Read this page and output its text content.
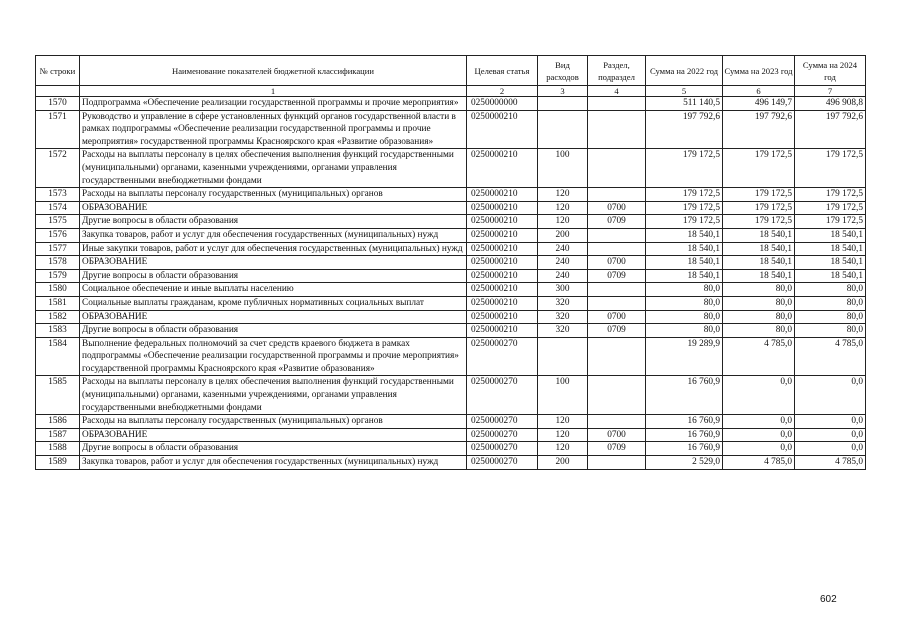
№ строки	Наименование показателей бюджетной классификации	Целевая статья	Вид расходов	Раздел, подраздел	Сумма на 2022 год	Сумма на 2023 год	Сумма на 2024 год
	1	2	3	4	5	6	7
1570	Подпрограмма «Обеспечение реализации государственной программы и прочие мероприятия»	0250000000			511 140,5	496 149,7	496 908,8
1571	Руководство и управление в сфере установленных функций органов государственной власти в рамках подпрограммы «Обеспечение реализации государственной программы и прочие мероприятия» государственной программы Красноярского края «Развитие образования»	0250000210			197 792,6	197 792,6	197 792,6
1572	Расходы на выплаты персоналу в целях обеспечения выполнения функций государственными (муниципальными) органами, казенными учреждениями, органами управления государственными внебюджетными фондами	0250000210	100		179 172,5	179 172,5	179 172,5
1573	Расходы на выплаты персоналу государственных (муниципальных) органов	0250000210	120		179 172,5	179 172,5	179 172,5
1574	ОБРАЗОВАНИЕ	0250000210	120	0700	179 172,5	179 172,5	179 172,5
1575	Другие вопросы в области образования	0250000210	120	0709	179 172,5	179 172,5	179 172,5
1576	Закупка товаров, работ и услуг для обеспечения государственных (муниципальных) нужд	0250000210	200		18 540,1	18 540,1	18 540,1
1577	Иные закупки товаров, работ и услуг для обеспечения государственных (муниципальных) нужд	0250000210	240		18 540,1	18 540,1	18 540,1
1578	ОБРАЗОВАНИЕ	0250000210	240	0700	18 540,1	18 540,1	18 540,1
1579	Другие вопросы в области образования	0250000210	240	0709	18 540,1	18 540,1	18 540,1
1580	Социальное обеспечение и иные выплаты населению	0250000210	300		80,0	80,0	80,0
1581	Социальные выплаты гражданам, кроме публичных нормативных социальных выплат	0250000210	320		80,0	80,0	80,0
1582	ОБРАЗОВАНИЕ	0250000210	320	0700	80,0	80,0	80,0
1583	Другие вопросы в области образования	0250000210	320	0709	80,0	80,0	80,0
1584	Выполнение федеральных полномочий за счет средств краевого бюджета в рамках подпрограммы «Обеспечение реализации государственной программы и прочие мероприятия» государственной программы Красноярского края «Развитие образования»	0250000270			19 289,9	4 785,0	4 785,0
1585	Расходы на выплаты персоналу в целях обеспечения выполнения функций государственными (муниципальными) органами, казенными учреждениями, органами управления государственными внебюджетными фондами	0250000270	100		16 760,9	0,0	0,0
1586	Расходы на выплаты персоналу государственных (муниципальных) органов	0250000270	120		16 760,9	0,0	0,0
1587	ОБРАЗОВАНИЕ	0250000270	120	0700	16 760,9	0,0	0,0
1588	Другие вопросы в области образования	0250000270	120	0709	16 760,9	0,0	0,0
1589	Закупка товаров, работ и услуг для обеспечения государственных (муниципальных) нужд	0250000270	200		2 529,0	4 785,0	4 785,0
602
